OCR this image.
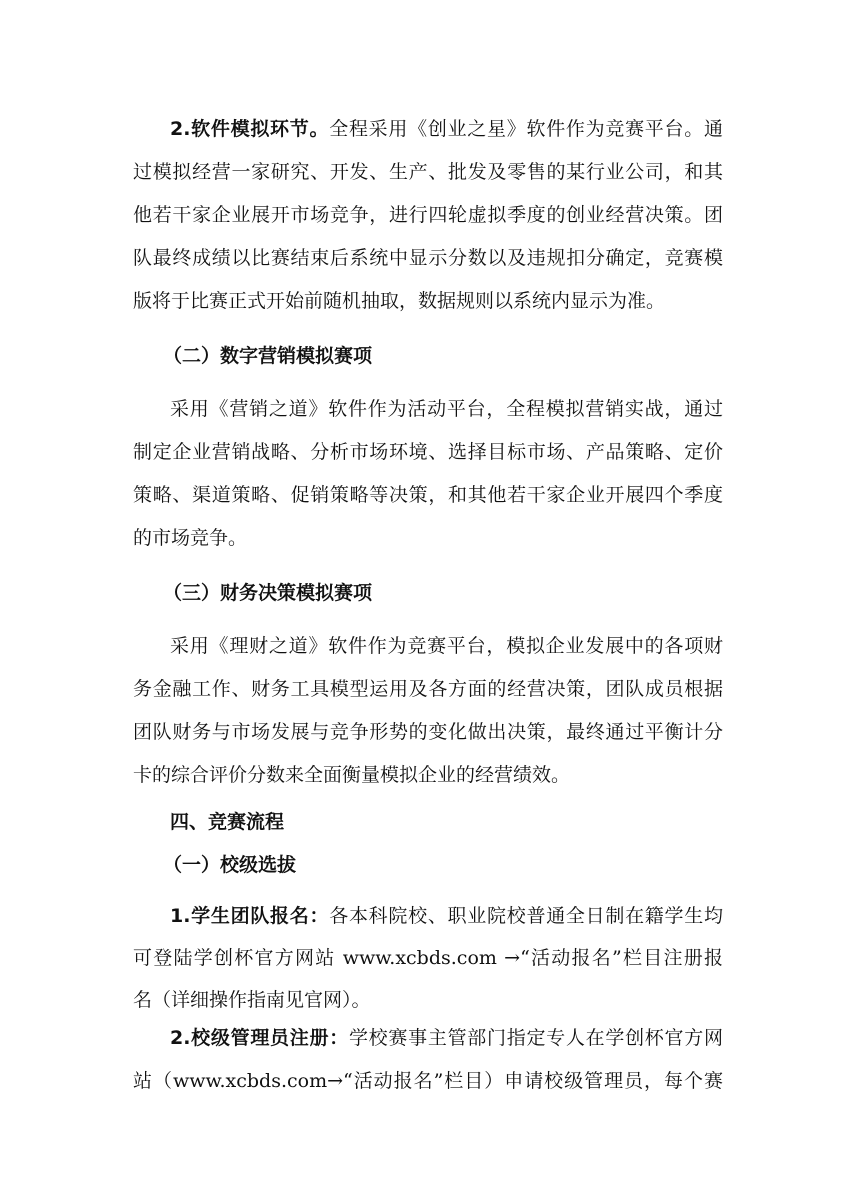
2.软件模拟环节。全程采用《创业之星》软件作为竞赛平台。通
过模拟经营一家研究、开发、生产、批发及零售的某行业公司，和其
他若干家企业展开市场竞争，进行四轮虚拟季度的创业经营决策。团
队最终成绩以比赛结束后系统中显示分数以及违规扣分确定，竞赛模
版将于比赛正式开始前随机抽取，数据规则以系统内显示为准。
（二）数字营销模拟赛项
采用《营销之道》软件作为活动平台，全程模拟营销实战，通过
制定企业营销战略、分析市场环境、选择目标市场、产品策略、定价
策略、渠道策略、促销策略等决策，和其他若干家企业开展四个季度
的市场竞争。
（三）财务决策模拟赛项
采用《理财之道》软件作为竞赛平台，模拟企业发展中的各项财
务金融工作、财务工具模型运用及各方面的经营决策，团队成员根据
团队财务与市场发展与竞争形势的变化做出决策，最终通过平衡计分
卡的综合评价分数来全面衡量模拟企业的经营绩效。
四、竞赛流程
（一）校级选拔
1.学生团队报名：各本科院校、职业院校普通全日制在籍学生均
可登陆学创杯官方网站 www.xcbds.com →“活动报名”栏目注册报
名（详细操作指南见官网）。
2.校级管理员注册：学校赛事主管部门指定专人在学创杯官方网
站（www.xcbds.com→“活动报名”栏目）申请校级管理员，每个赛
